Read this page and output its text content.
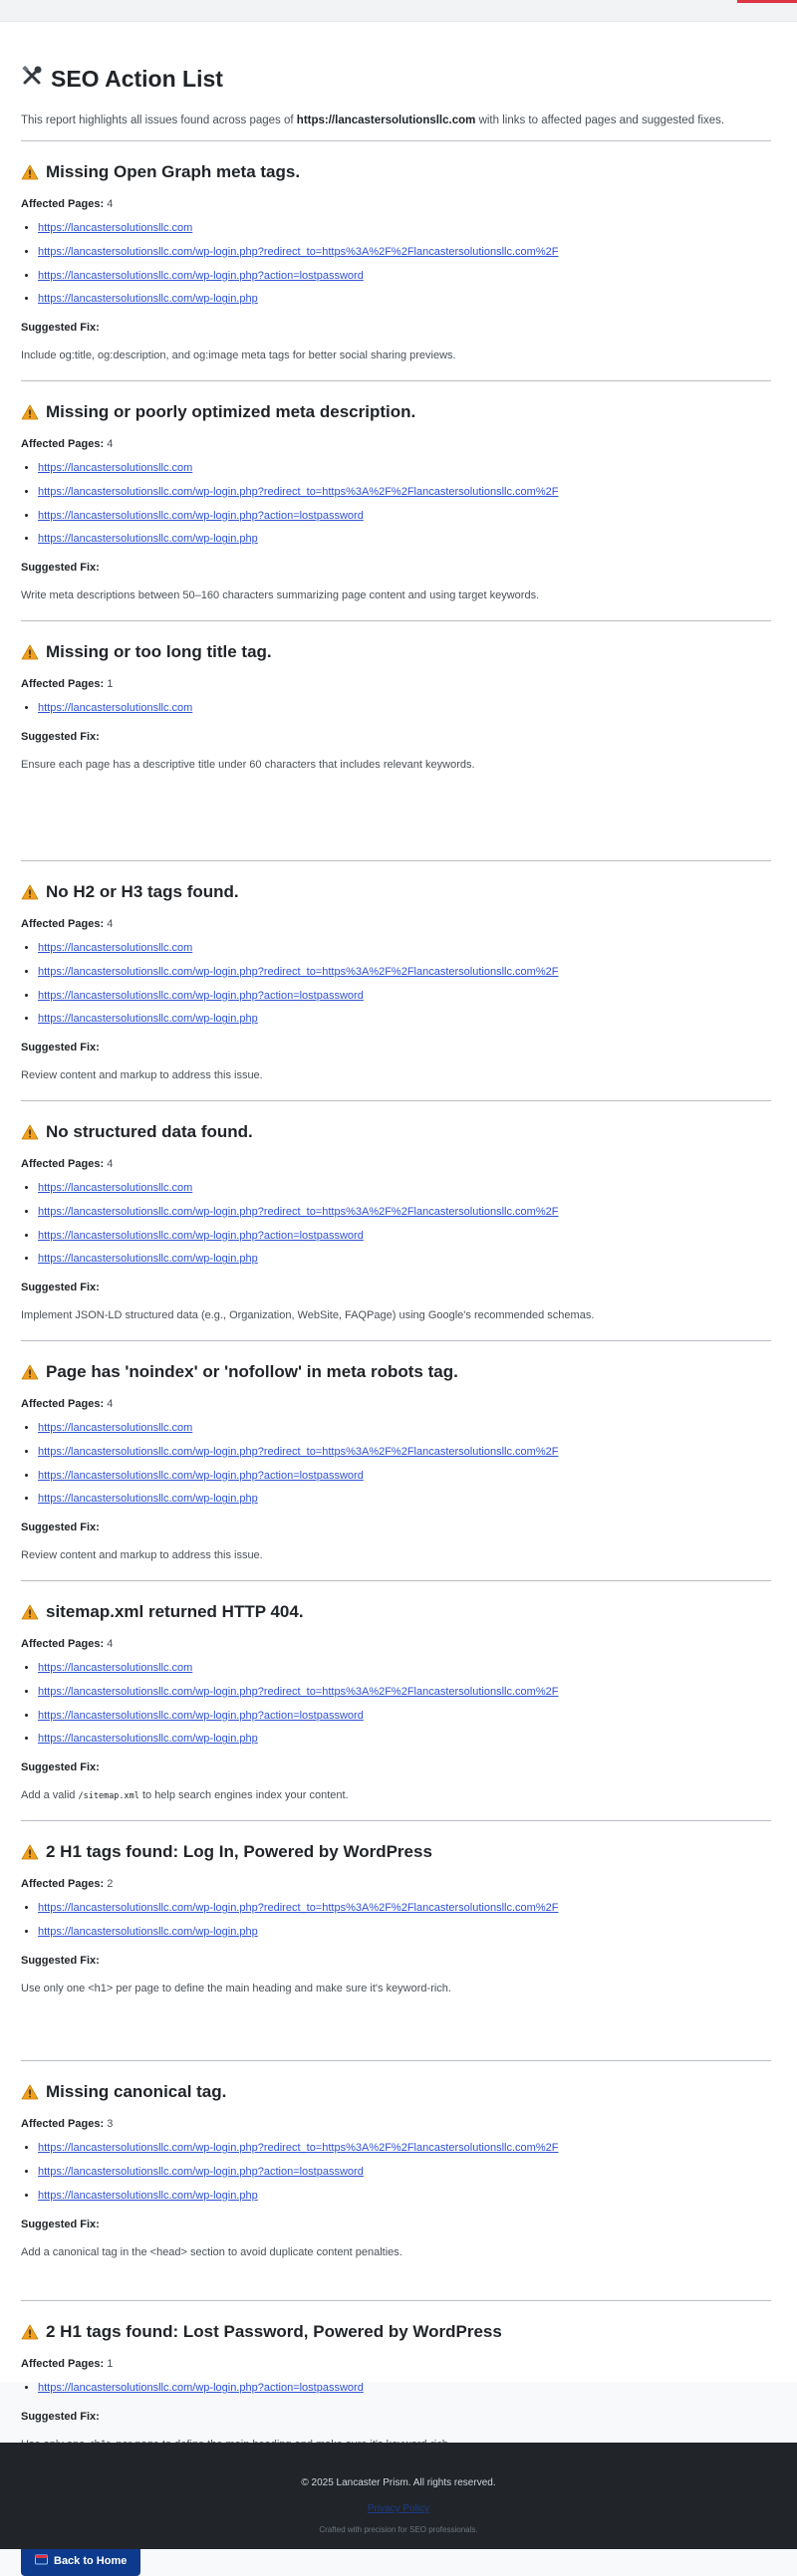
SEO Action List

This report highlights all issues found across pages of https://lancastersolutionsllc.com with links to affected pages and suggested fixes.

Missing Open Graph meta tags.

Affected Pages: 4

• https://lancastersolutionsllc.com
• https://lancastersolutionsllc.com/wp-login.php?redirect_to=https%3A%2F%2Flancastersolutionsllc.com%2F
• https://lancastersolutionsllc.com/wp-login.php?action=lostpassword
• https://lancastersolutionsllc.com/wp-login.php

Suggested Fix:

Include og:title, og:description, and og:image meta tags for better social sharing previews.

Missing or poorly optimized meta description.

Affected Pages: 4

• https://lancastersolutionsllc.com
• https://lancastersolutionsllc.com/wp-login.php?redirect_to=https%3A%2F%2Flancastersolutionsllc.com%2F
• https://lancastersolutionsllc.com/wp-login.php?action=lostpassword
• https://lancastersolutionsllc.com/wp-login.php

Suggested Fix:

Write meta descriptions between 50–160 characters summarizing page content and using target keywords.

Missing or too long title tag.

Affected Pages: 1

• https://lancastersolutionsllc.com

Suggested Fix:

Ensure each page has a descriptive title under 60 characters that includes relevant keywords.

No H2 or H3 tags found.

Affected Pages: 4

• https://lancastersolutionsllc.com
• https://lancastersolutionsllc.com/wp-login.php?redirect_to=https%3A%2F%2Flancastersolutionsllc.com%2F
• https://lancastersolutionsllc.com/wp-login.php?action=lostpassword
• https://lancastersolutionsllc.com/wp-login.php

Suggested Fix:

Review content and markup to address this issue.

No structured data found.

Affected Pages: 4

• https://lancastersolutionsllc.com
• https://lancastersolutionsllc.com/wp-login.php?redirect_to=https%3A%2F%2Flancastersolutionsllc.com%2F
• https://lancastersolutionsllc.com/wp-login.php?action=lostpassword
• https://lancastersolutionsllc.com/wp-login.php

Suggested Fix:

Implement JSON-LD structured data (e.g., Organization, WebSite, FAQPage) using Google's recommended schemas.

Page has 'noindex' or 'nofollow' in meta robots tag.

Affected Pages: 4

• https://lancastersolutionsllc.com
• https://lancastersolutionsllc.com/wp-login.php?redirect_to=https%3A%2F%2Flancastersolutionsllc.com%2F
• https://lancastersolutionsllc.com/wp-login.php?action=lostpassword
• https://lancastersolutionsllc.com/wp-login.php

Suggested Fix:

Review content and markup to address this issue.

sitemap.xml returned HTTP 404.

Affected Pages: 4

• https://lancastersolutionsllc.com
• https://lancastersolutionsllc.com/wp-login.php?redirect_to=https%3A%2F%2Flancastersolutionsllc.com%2F
• https://lancastersolutionsllc.com/wp-login.php?action=lostpassword
• https://lancastersolutionsllc.com/wp-login.php

Suggested Fix:

Add a valid /sitemap.xml to help search engines index your content.

2 H1 tags found: Log In, Powered by WordPress

Affected Pages: 2

• https://lancastersolutionsllc.com/wp-login.php?redirect_to=https%3A%2F%2Flancastersolutionsllc.com%2F
• https://lancastersolutionsllc.com/wp-login.php

Suggested Fix:

Use only one <h1> per page to define the main heading and make sure it's keyword-rich.

Missing canonical tag.

Affected Pages: 3

• https://lancastersolutionsllc.com/wp-login.php?redirect_to=https%3A%2F%2Flancastersolutionsllc.com%2F
• https://lancastersolutionsllc.com/wp-login.php?action=lostpassword
• https://lancastersolutionsllc.com/wp-login.php

Suggested Fix:

Add a canonical tag in the <head> section to avoid duplicate content penalties.

2 H1 tags found: Lost Password, Powered by WordPress

Affected Pages: 1

• https://lancastersolutionsllc.com/wp-login.php?action=lostpassword

Suggested Fix:

Back to Home

© 2025 Lancaster Prism. All rights reserved.

Privacy Policy

Crafted with precision for SEO professionals.
